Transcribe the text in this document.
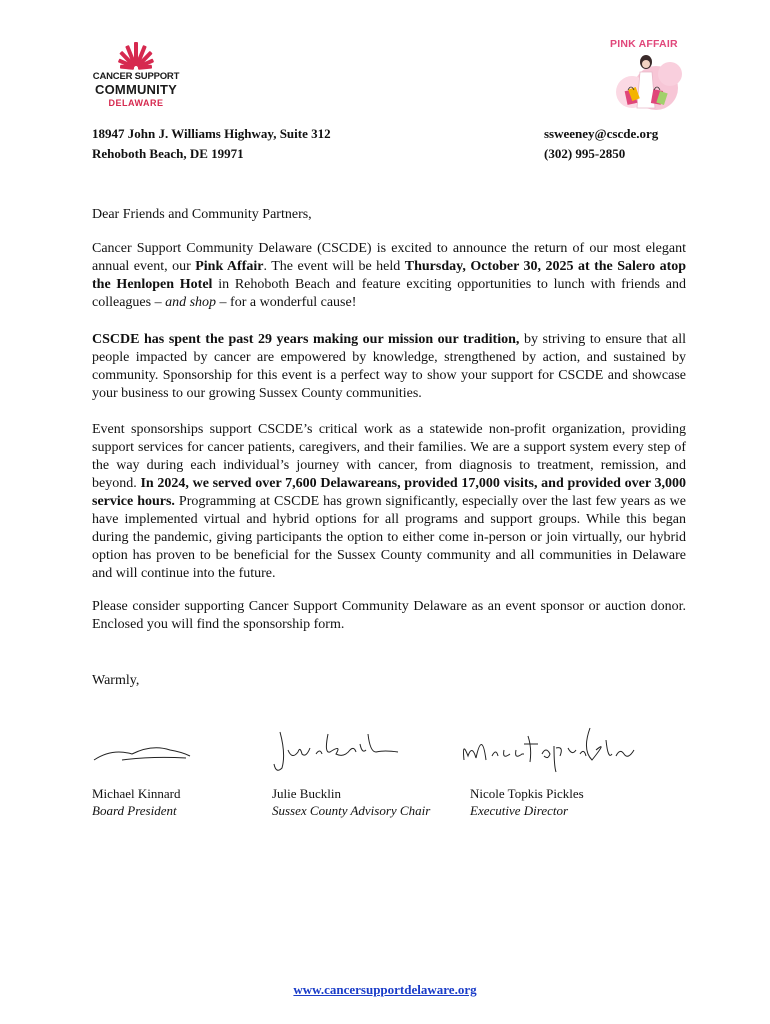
CANCER SUPPORT
COMMUNITY
DELAWARE
PINK AFFAIR
18947 John J. Williams Highway, Suite 312
Rehoboth Beach, DE 19971
ssweeney@cscde.org
(302) 995-2850
Dear Friends and Community Partners,
Cancer Support Community Delaware (CSCDE) is excited to announce the return of our most elegant annual event, our Pink Affair. The event will be held Thursday, October 30, 2025 at the Salero atop the Henlopen Hotel in Rehoboth Beach and feature exciting opportunities to lunch with friends and colleagues – and shop – for a wonderful cause!
CSCDE has spent the past 29 years making our mission our tradition, by striving to ensure that all people impacted by cancer are empowered by knowledge, strengthened by action, and sustained by community. Sponsorship for this event is a perfect way to show your support for CSCDE and showcase your business to our growing Sussex County communities.
Event sponsorships support CSCDE’s critical work as a statewide non-profit organization, providing support services for cancer patients, caregivers, and their families. We are a support system every step of the way during each individual’s journey with cancer, from diagnosis to treatment, remission, and beyond. In 2024, we served over 7,600 Delawareans, provided 17,000 visits, and provided over 3,000 service hours. Programming at CSCDE has grown significantly, especially over the last few years as we have implemented virtual and hybrid options for all programs and support groups. While this began during the pandemic, giving participants the option to either come in-person or join virtually, our hybrid option has proven to be beneficial for the Sussex County community and all communities in Delaware and will continue into the future.
Please consider supporting Cancer Support Community Delaware as an event sponsor or auction donor. Enclosed you will find the sponsorship form.
Warmly,
Michael Kinnard
Board President
Julie Bucklin
Sussex County Advisory Chair
Nicole Topkis Pickles
Executive Director
www.cancersupportdelaware.org
